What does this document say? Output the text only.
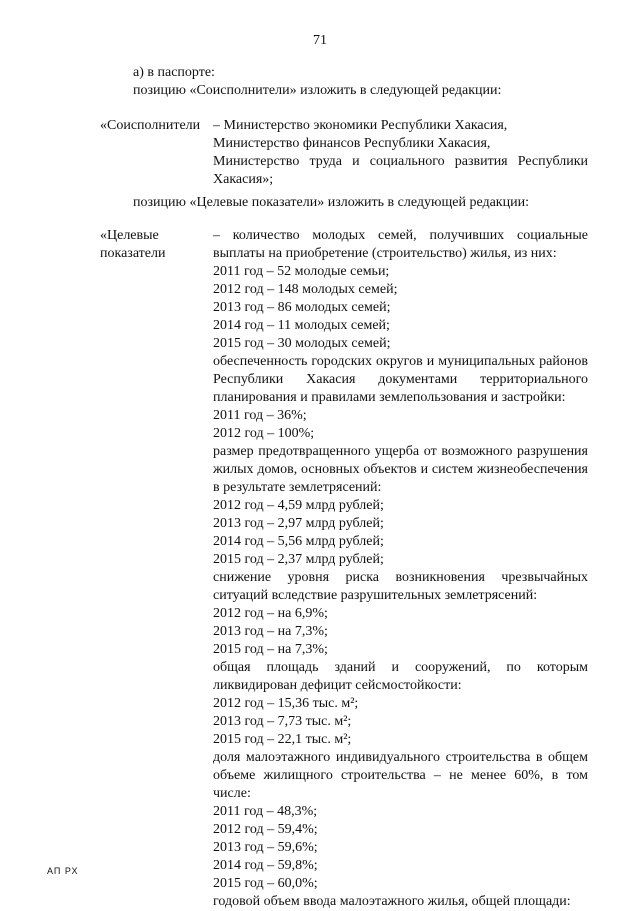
71
а) в паспорте:
позицию «Соисполнители» изложить в следующей редакции:
«Соисполнители – Министерство экономики Республики Хакасия,
Министерство финансов Республики Хакасия,
Министерство труда и социального развития Республики
Хакасия»;
позицию «Целевые показатели» изложить в следующей редакции:
«Целевые
показатели
– количество молодых семей, получивших социальные
выплаты на приобретение (строительство) жилья, из них:
2011 год – 52 молодые семьи;
2012 год – 148 молодых семей;
2013 год – 86 молодых семей;
2014 год – 11 молодых семей;
2015 год – 30 молодых семей;
обеспеченность городских округов и муниципальных районов
Республики Хакасия документами территориального
планирования и правилами землепользования и застройки:
2011 год – 36%;
2012 год – 100%;
размер предотвращенного ущерба от возможного разрушения
жилых домов, основных объектов и систем жизнеобеспечения
в результате землетрясений:
2012 год – 4,59 млрд рублей;
2013 год – 2,97 млрд рублей;
2014 год – 5,56 млрд рублей;
2015 год – 2,37 млрд рублей;
снижение уровня риска возникновения чрезвычайных
ситуаций вследствие разрушительных землетрясений:
2012 год – на 6,9%;
2013 год – на 7,3%;
2015 год – на 7,3%;
общая площадь зданий и сооружений, по которым
ликвидирован дефицит сейсмостойкости:
2012 год – 15,36 тыс. м²;
2013 год – 7,73 тыс. м²;
2015 год – 22,1 тыс. м²;
доля малоэтажного индивидуального строительства в общем
объеме жилищного строительства – не менее 60%, в том
числе:
2011 год – 48,3%;
2012 год – 59,4%;
2013 год – 59,6%;
2014 год – 59,8%;
2015 год – 60,0%;
годовой объем ввода малоэтажного жилья, общей площади:
АП РХ
